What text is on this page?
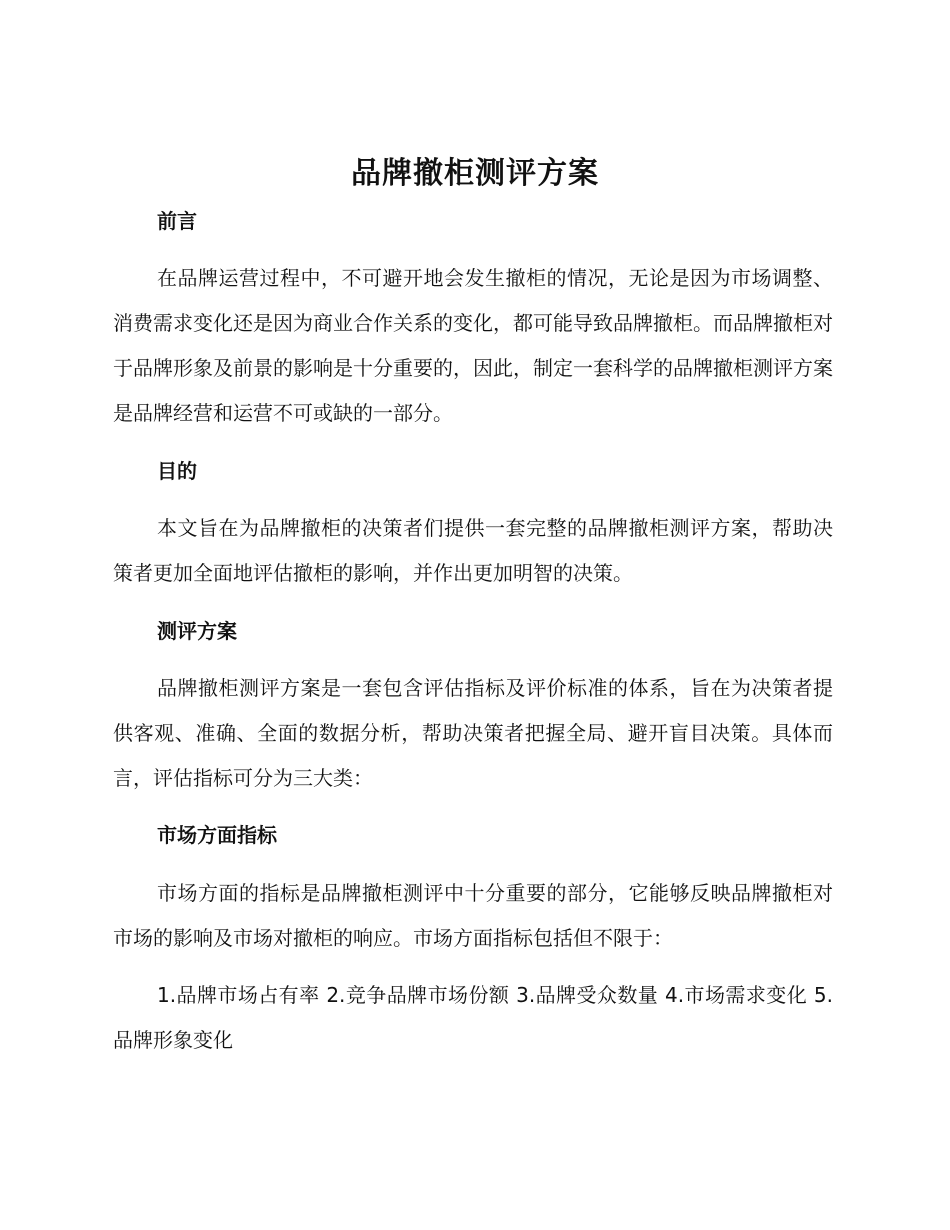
品牌撤柜测评方案
前言

在品牌运营过程中，不可避开地会发生撤柜的情况，无论是因为市场调整、消费需求变化还是因为商业合作关系的变化，都可能导致品牌撤柜。而品牌撤柜对于品牌形象及前景的影响是十分重要的，因此，制定一套科学的品牌撤柜测评方案是品牌经营和运营不可或缺的一部分。

目的

本文旨在为品牌撤柜的决策者们提供一套完整的品牌撤柜测评方案，帮助决策者更加全面地评估撤柜的影响，并作出更加明智的决策。

测评方案

品牌撤柜测评方案是一套包含评估指标及评价标准的体系，旨在为决策者提供客观、准确、全面的数据分析，帮助决策者把握全局、避开盲目决策。具体而言，评估指标可分为三大类：

市场方面指标

市场方面的指标是品牌撤柜测评中十分重要的部分，它能够反映品牌撤柜对市场的影响及市场对撤柜的响应。市场方面指标包括但不限于：

1.品牌市场占有率 2.竞争品牌市场份额 3.品牌受众数量 4.市场需求变化 5.品牌形象变化
